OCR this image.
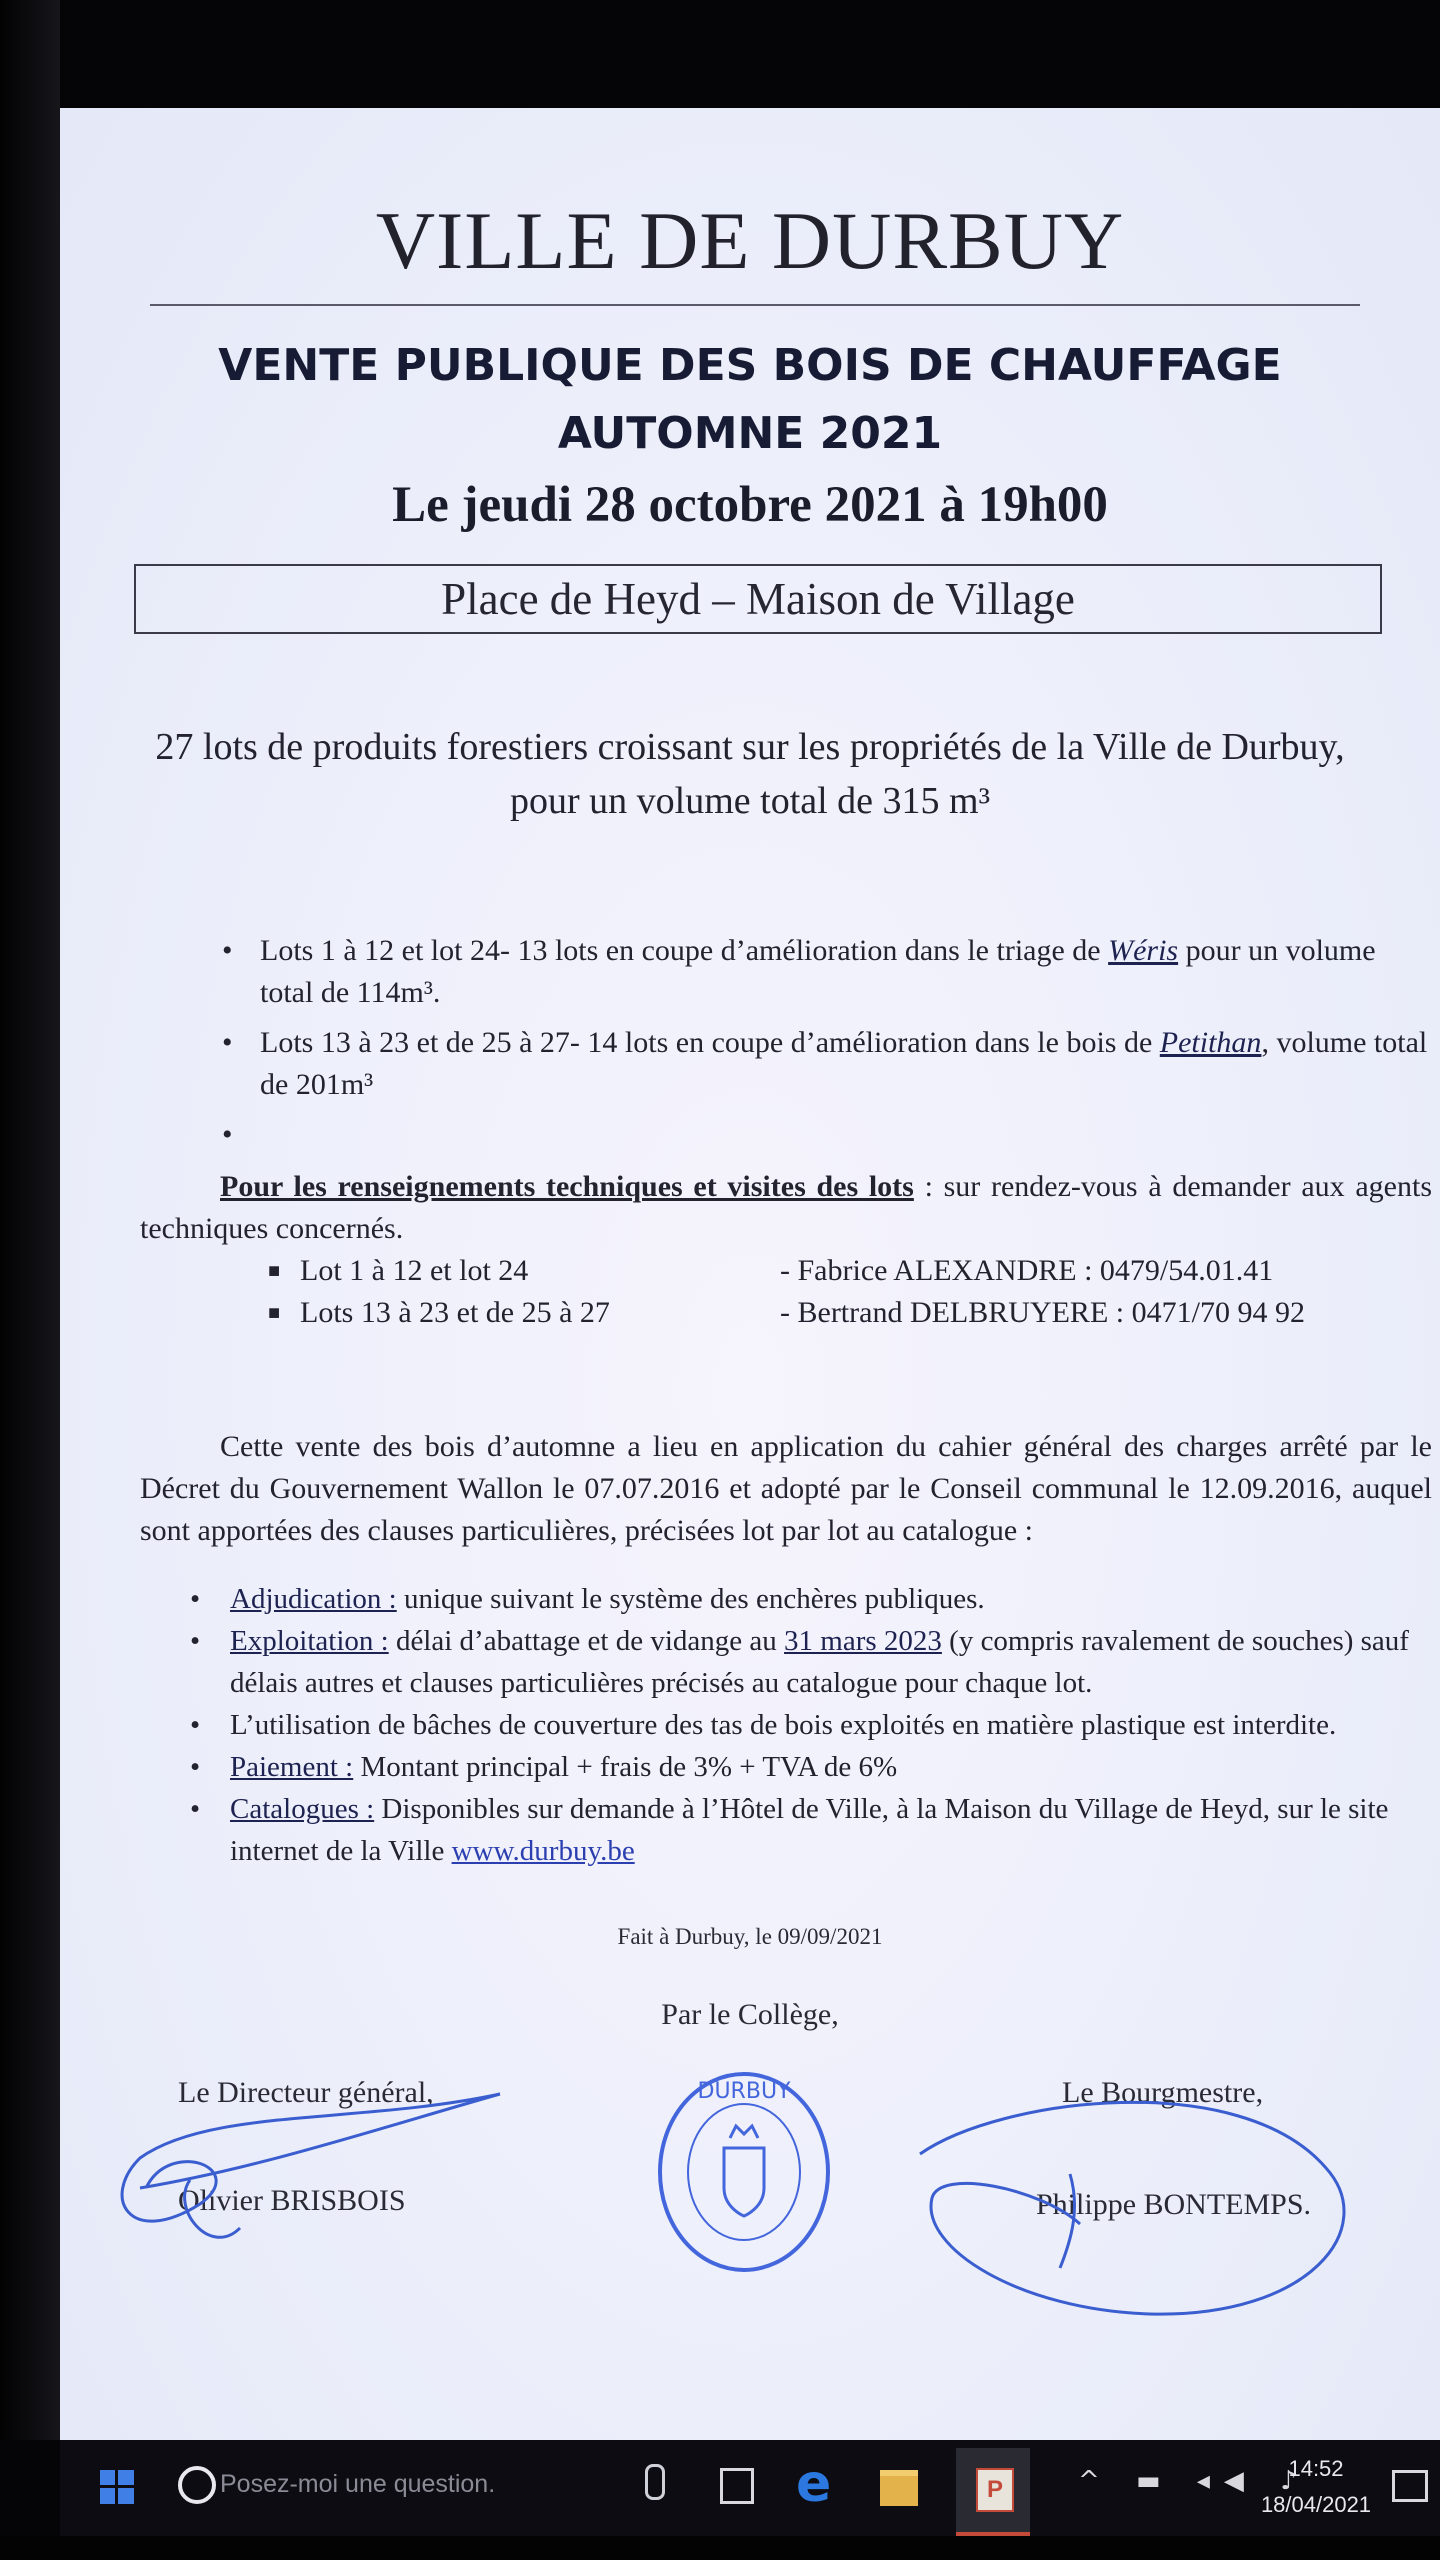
VILLE DE DURBUY
VENTE PUBLIQUE DES BOIS DE CHAUFFAGE
AUTOMNE 2021
Le jeudi 28 octobre 2021 à 19h00
Place de Heyd – Maison de Village
27 lots de produits forestiers croissant sur les propriétés de la Ville de Durbuy,
pour un volume total de 315 m³
• Lots 1 à 12 et lot 24- 13 lots en coupe d’amélioration dans le triage de Wéris pour un volume total de 114m³.
• Lots 13 à 23 et de 25 à 27- 14 lots en coupe d’amélioration dans le bois de Petithan, volume total de 201m³
•
Pour les renseignements techniques et visites des lots : sur rendez-vous à demander aux agents techniques concernés.
■ Lot 1 à 12 et lot 24	- Fabrice ALEXANDRE : 0479/54.01.41
■ Lots 13 à 23 et de 25 à 27	- Bertrand DELBRUYERE : 0471/70 94 92
Cette vente des bois d’automne a lieu en application du cahier général des charges arrêté par le Décret du Gouvernement Wallon le 07.07.2016 et adopté par le Conseil communal le 12.09.2016, auquel sont apportées des clauses particulières, précisées lot par lot au catalogue :
• Adjudication : unique suivant le système des enchères publiques.
• Exploitation : délai d’abattage et de vidange au 31 mars 2023 (y compris ravalement de souches) sauf délais autres et clauses particulières précisés au catalogue pour chaque lot.
• L’utilisation de bâches de couverture des tas de bois exploités en matière plastique est interdite.
• Paiement : Montant principal + frais de 3% + TVA de 6%
• Catalogues : Disponibles sur demande à l’Hôtel de Ville, à la Maison du Village de Heyd, sur le site internet de la Ville www.durbuy.be
Fait à Durbuy, le 09/09/2021
Par le Collège,
Le Directeur général,
Olivier BRISBOIS
Le Bourgmestre,
Philippe BONTEMPS.
DURBUY
Posez-moi une question.	e	P	^ ▬ ◂◀ ♪
14:52
18/04/2021
